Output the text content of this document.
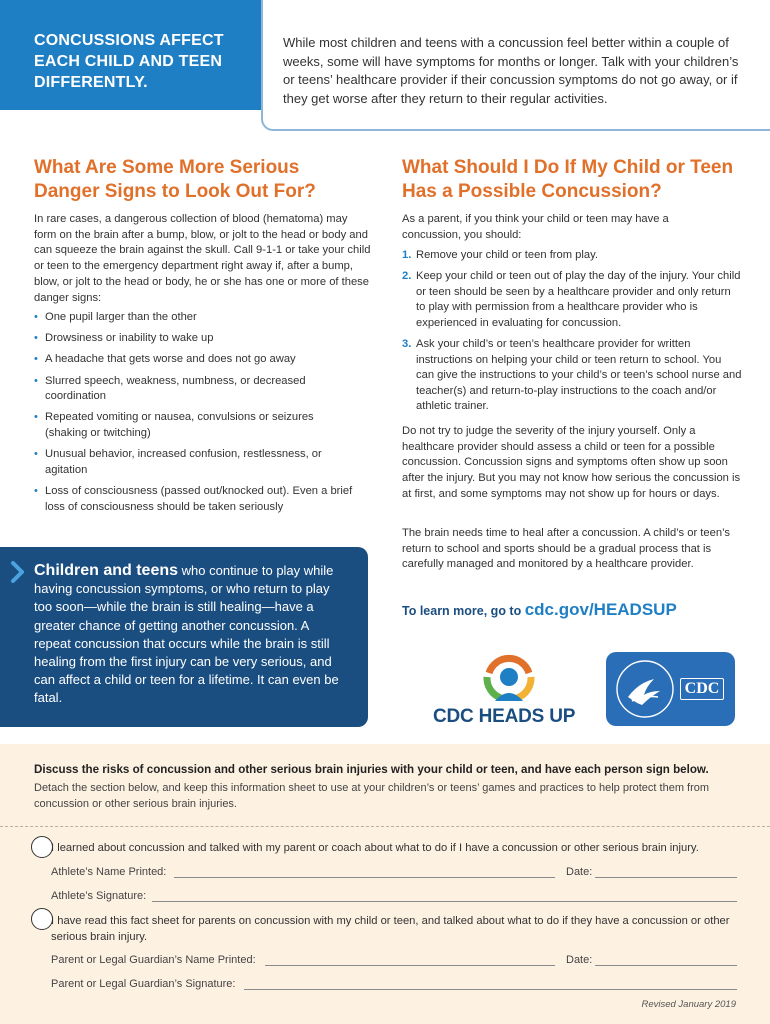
CONCUSSIONS AFFECT EACH CHILD AND TEEN DIFFERENTLY.
While most children and teens with a concussion feel better within a couple of weeks, some will have symptoms for months or longer. Talk with your children’s or teens’ healthcare provider if their concussion symptoms do not go away, or if they get worse after they return to their regular activities.
What Are Some More Serious Danger Signs to Look Out For?
In rare cases, a dangerous collection of blood (hematoma) may form on the brain after a bump, blow, or jolt to the head or body and can squeeze the brain against the skull. Call 9-1-1 or take your child or teen to the emergency department right away if, after a bump, blow, or jolt to the head or body, he or she has one or more of these danger signs:
• One pupil larger than the other
• Drowsiness or inability to wake up
• A headache that gets worse and does not go away
• Slurred speech, weakness, numbness, or decreased coordination
• Repeated vomiting or nausea, convulsions or seizures (shaking or twitching)
• Unusual behavior, increased confusion, restlessness, or agitation
• Loss of consciousness (passed out/knocked out). Even a brief loss of consciousness should be taken seriously
Children and teens who continue to play while having concussion symptoms, or who return to play too soon—while the brain is still healing—have a greater chance of getting another concussion. A repeat concussion that occurs while the brain is still healing from the first injury can be very serious, and can affect a child or teen for a lifetime. It can even be fatal.
What Should I Do If My Child or Teen Has a Possible Concussion?
As a parent, if you think your child or teen may have a concussion, you should:
1. Remove your child or teen from play.
2. Keep your child or teen out of play the day of the injury. Your child or teen should be seen by a healthcare provider and only return to play with permission from a healthcare provider who is experienced in evaluating for concussion.
3. Ask your child’s or teen’s healthcare provider for written instructions on helping your child or teen return to school. You can give the instructions to your child’s or teen’s school nurse and teacher(s) and return-to-play instructions to the coach and/or athletic trainer.
Do not try to judge the severity of the injury yourself. Only a healthcare provider should assess a child or teen for a possible concussion. Concussion signs and symptoms often show up soon after the injury. But you may not know how serious the concussion is at first, and some symptoms may not show up for hours or days.
The brain needs time to heal after a concussion. A child’s or teen’s return to school and sports should be a gradual process that is carefully managed and monitored by a healthcare provider.
To learn more, go to cdc.gov/HEADSUP
CDC HEADS UP
CDC
Discuss the risks of concussion and other serious brain injuries with your child or teen, and have each person sign below.
Detach the section below, and keep this information sheet to use at your children’s or teens’ games and practices to help protect them from concussion or other serious brain injuries.
I learned about concussion and talked with my parent or coach about what to do if I have a concussion or other serious brain injury.
Athlete’s Name Printed:	Date:
Athlete’s Signature:
I have read this fact sheet for parents on concussion with my child or teen, and talked about what to do if they have a concussion or other serious brain injury.
Parent or Legal Guardian’s Name Printed:	Date:
Parent or Legal Guardian’s Signature:
Revised January 2019
